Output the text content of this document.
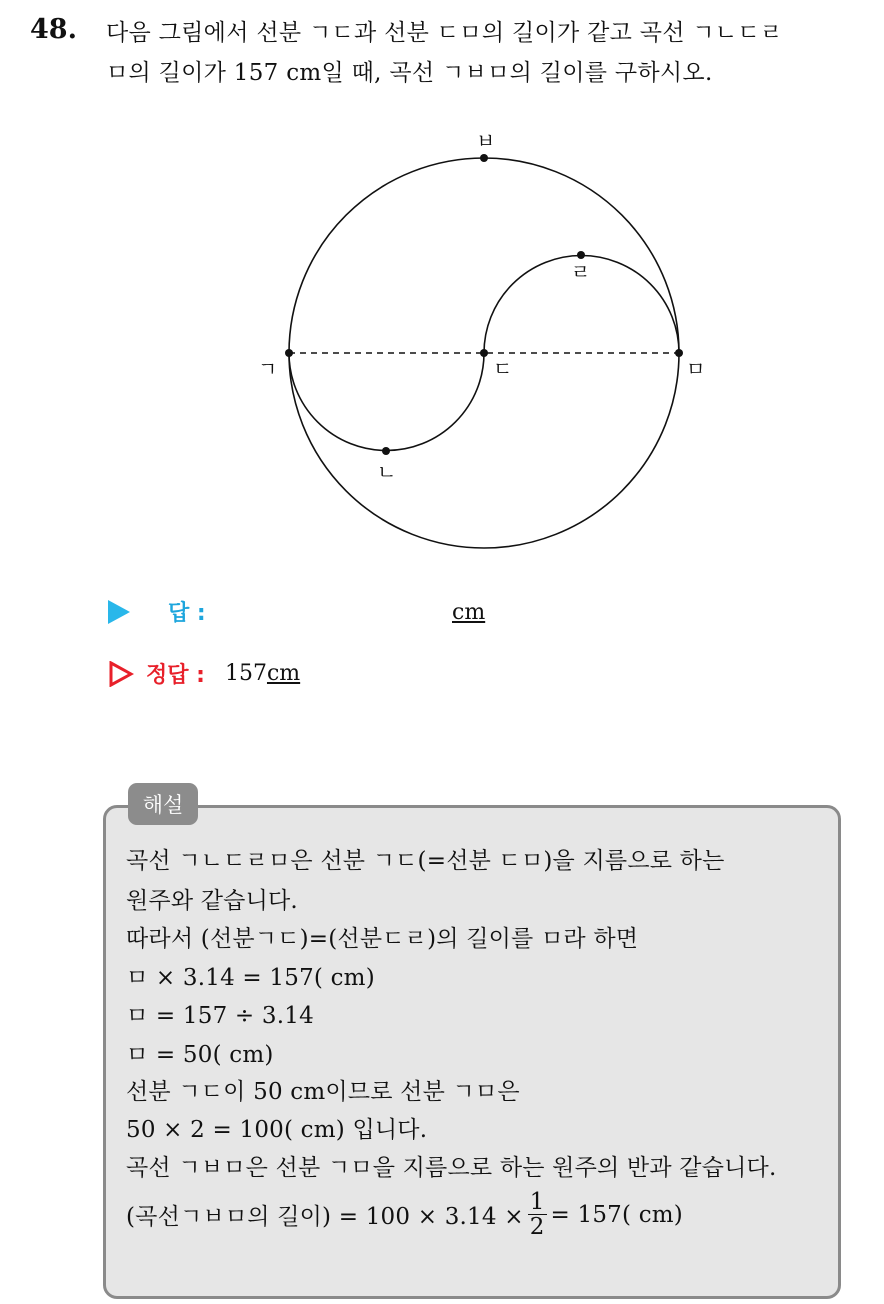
48. 다음 그림에서 선분 ㄱㄷ과 선분 ㄷㅁ의 길이가 같고 곡선 ㄱㄴㄷㄹ
ㅁ의 길이가 157 cm일 때, 곡선 ㄱㅂㅁ의 길이를 구하시오.
ㅂ
ㄹ
ㄱ	ㄷ	ㅁ
ㄴ
답 :	cm
정답 : 157 cm
해설
곡선 ㄱㄴㄷㄹㅁ은 선분 ㄱㄷ(=선분 ㄷㅁ)을 지름으로 하는
원주와 같습니다.
따라서 (선분ㄱㄷ)=(선분ㄷㄹ)의 길이를 ㅁ라 하면
ㅁ × 3.14 = 157( cm)
ㅁ = 157 ÷ 3.14
ㅁ = 50( cm)
선분 ㄱㄷ이 50 cm이므로 선분 ㄱㅁ은
50 × 2 = 100( cm) 입니다.
곡선 ㄱㅂㅁ은 선분 ㄱㅁ을 지름으로 하는 원주의 반과 같습니다.
(곡선ㄱㅂㅁ의 길이) = $100 \times 3.14 \times \frac{1}{2} = 157$( cm)
